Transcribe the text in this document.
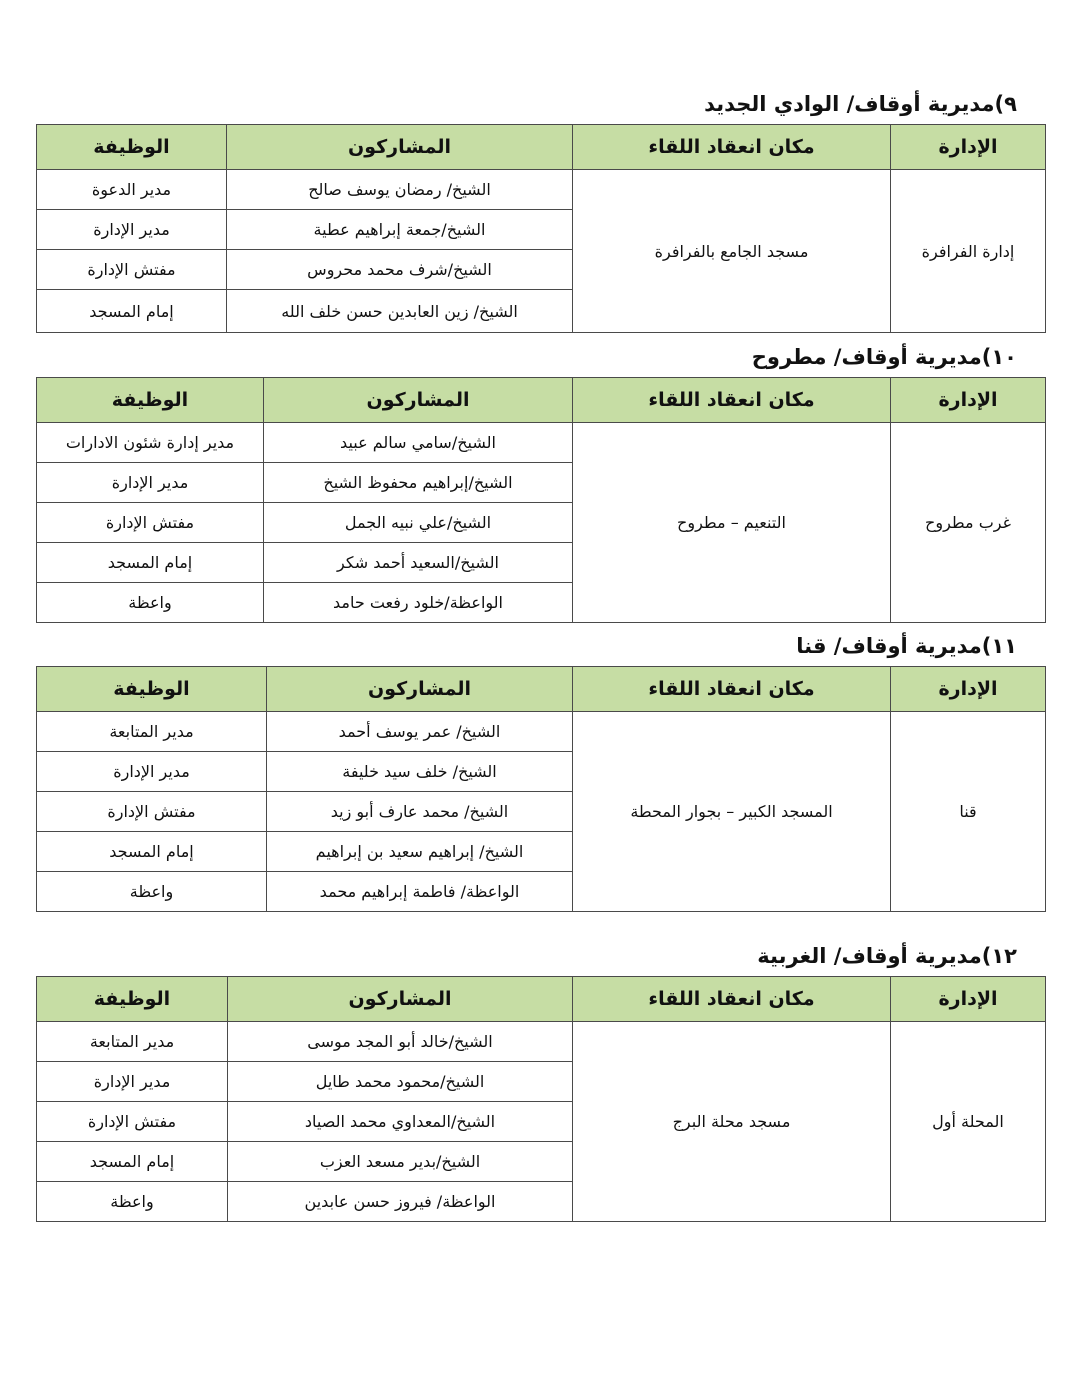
٩)مديرية أوقاف/ الوادي الجديد
الإدارة	مكان انعقاد اللقاء	المشاركون	الوظيفة
إدارة الفرافرة	مسجد الجامع بالفرافرة	الشيخ/ رمضان يوسف صالح	مدير الدعوة
		الشيخ/جمعة إبراهيم عطية	مدير الإدارة
		الشيخ/شرف محمد محروس	مفتش الإدارة
		الشيخ/ زين العابدين حسن خلف الله	إمام المسجد
١٠)مديرية أوقاف/ مطروح
الإدارة	مكان انعقاد اللقاء	المشاركون	الوظيفة
غرب مطروح	التنعيم – مطروح	الشيخ/سامي سالم عبيد	مدير إدارة شئون الادارات
		الشيخ/إبراهيم محفوظ الشيخ	مدير الإدارة
		الشيخ/علي نبيه الجمل	مفتش الإدارة
		الشيخ/السعيد أحمد شكر	إمام المسجد
		الواعظة/خلود رفعت حامد	واعظة
١١)مديرية أوقاف/ قنا
الإدارة	مكان انعقاد اللقاء	المشاركون	الوظيفة
قنا	المسجد الكبير – بجوار المحطة	الشيخ/ عمر يوسف أحمد	مدير المتابعة
		الشيخ/ خلف سيد خليفة	مدير الإدارة
		الشيخ/ محمد عارف أبو زيد	مفتش الإدارة
		الشيخ/ إبراهيم سعيد بن إبراهيم	إمام المسجد
		الواعظة/ فاطمة إبراهيم محمد	واعظة
١٢)مديرية أوقاف/ الغربية
الإدارة	مكان انعقاد اللقاء	المشاركون	الوظيفة
المحلة أول	مسجد محلة البرج	الشيخ/خالد أبو المجد موسى	مدير المتابعة
		الشيخ/محمود محمد طايل	مدير الإدارة
		الشيخ/المعداوي محمد الصياد	مفتش الإدارة
		الشيخ/بدير مسعد العزب	إمام المسجد
		الواعظة/ فيروز حسن عابدين	واعظة
